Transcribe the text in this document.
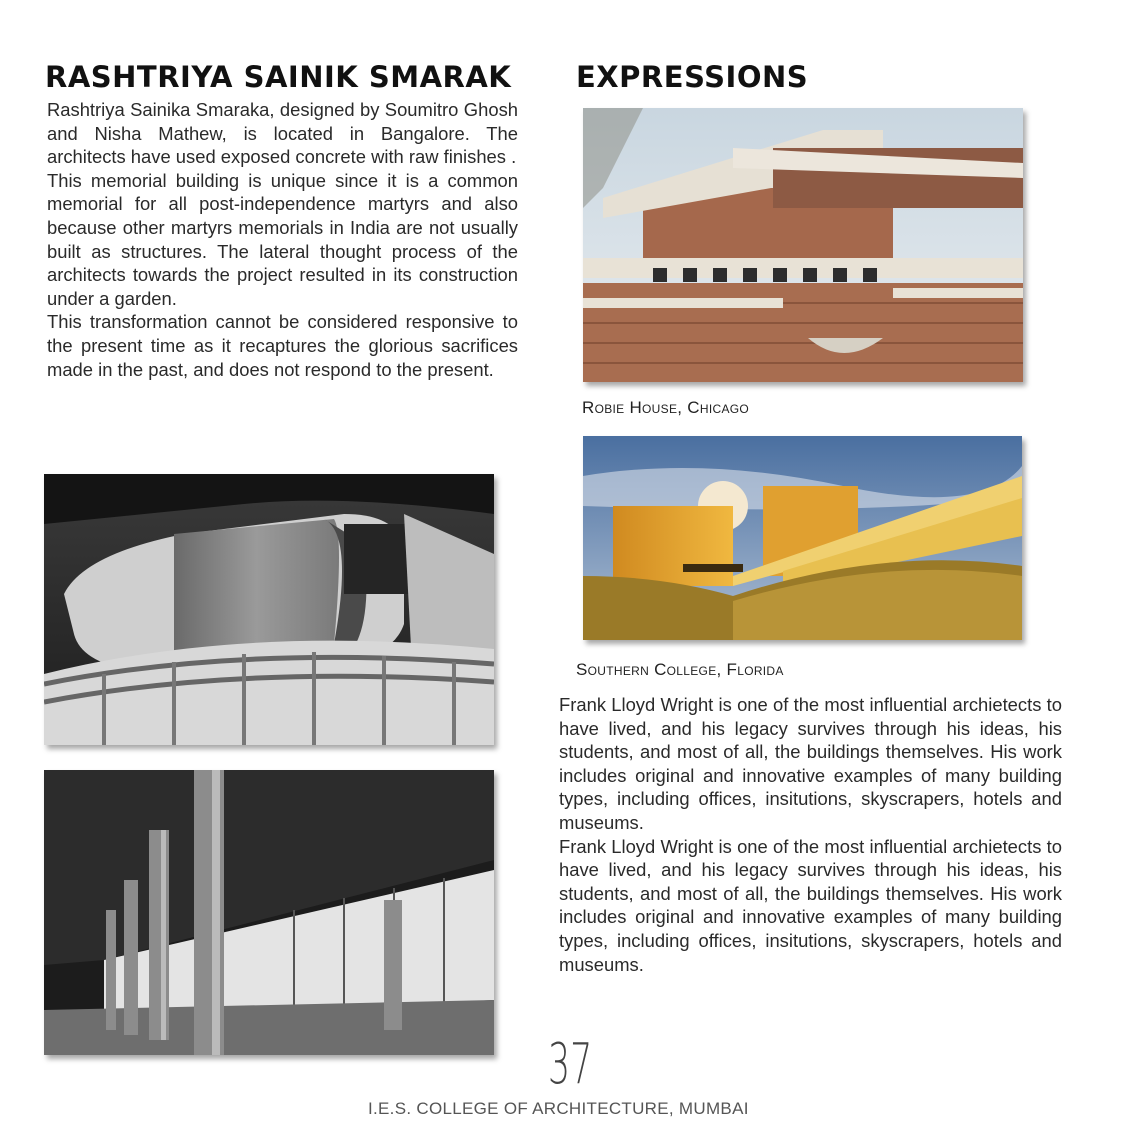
RASHTRIYA SAINIK SMARAK

Rashtriya Sainika Smaraka, designed by Soumitro Ghosh and Nisha Mathew, is located in Bangalore. The architects have used exposed concrete with raw finishes .

This memorial building is unique since it is a common memorial for all post-independence martyrs and also because other martyrs memorials in India are not usually built as structures. The lateral thought process of the architects towards the project resulted in its construction under a garden.

This transformation cannot be considered responsive to the present time as it recaptures the glorious sacrifices made in the past, and does not respond to the present.

EXPRESSIONS
Robie House, Chicago
Southern College, Florida

Frank Lloyd Wright is one of the most influential archietects to have lived, and his legacy survives through his ideas, his students, and most of all, the buildings themselves. His work includes original and innovative examples of many building types, including offices, insitutions, skyscrapers, hotels and museums.

Frank Lloyd Wright is one of the most influential archietects to have lived, and his legacy survives through his ideas, his students, and most of all, the buildings themselves. His work includes original and innovative examples of many building types, including offices, insitutions, skyscrapers, hotels and museums.

37
I.E.S. COLLEGE OF ARCHITECTURE, MUMBAI
